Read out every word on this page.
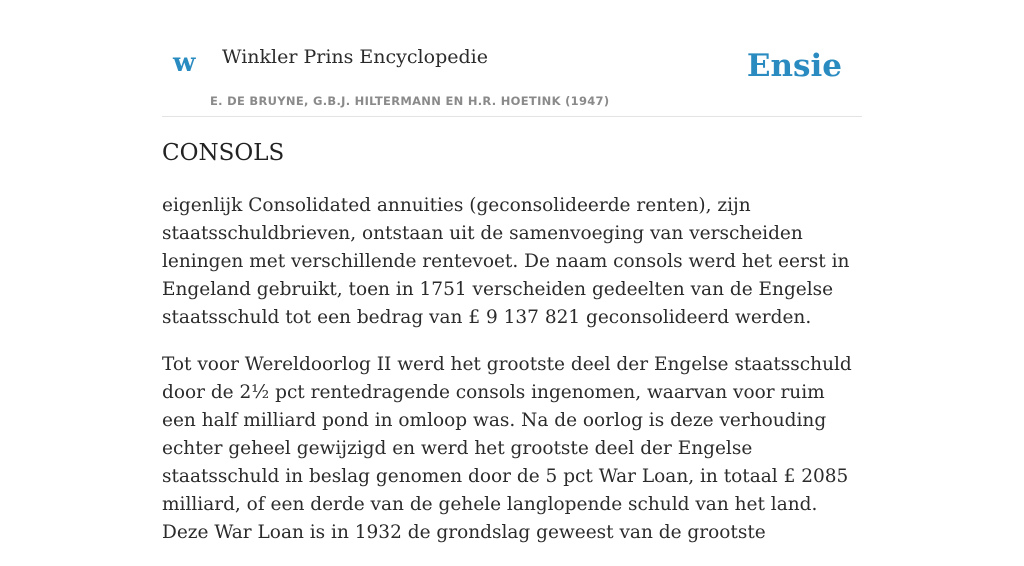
w Winkler Prins Encyclopedie
E. DE BRUYNE, G.B.J. HILTERMANN EN H.R. HOETINK (1947)
Ensie
CONSOLS

eigenlijk Consolidated annuities (geconsolideerde renten), zijn staatsschuldbrieven, ontstaan uit de samenvoeging van verscheiden leningen met verschillende rentevoet. De naam consols werd het eerst in Engeland gebruikt, toen in 1751 verscheiden gedeelten van de Engelse staatsschuld tot een bedrag van £ 9 137 821 geconsolideerd werden.

Tot voor Wereldoorlog II werd het grootste deel der Engelse staatsschuld door de 2½ pct rentedragende consols ingenomen, waarvan voor ruim een half milliard pond in omloop was. Na de oorlog is deze verhouding echter geheel gewijzigd en werd het grootste deel der Engelse staatsschuld in beslag genomen door de 5 pct War Loan, in totaal £ 2085 milliard, of een derde van de gehele langlopende schuld van het land. Deze War Loan is in 1932 de grondslag geweest van de grootste
